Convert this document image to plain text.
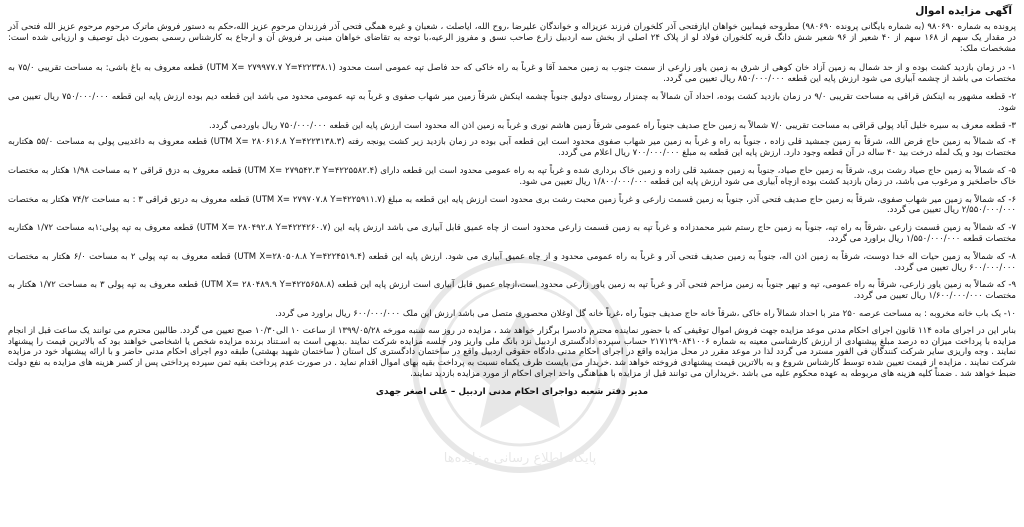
آگهی مزایده اموال

پرونده به شماره ۹۸۰۶۹۰ (به شماره بایگانی پرونده ۹۸۰۶۹۰) مطروحه فیمابین خواهان ایازفتحی آذر کلخوران فرزند عزیزاله و خواندگان علیرضا ،روح الله، ایاصلت ، شعبان و غیره همگی فتحی آذر فرزندان مرحوم عزیز الله،حکم به دستور فروش ماترک مرحوم مرحوم عزیز الله فتحی آذر در مقدار یک سهم از ۱۶۸ سهم از ۴۰ شعیر از ۹۶ شعیر شش دانگ قریه کلخوران فولاد لو از پلاک ۲۴ اصلی از بخش سه اردبیل زارع صاحب نسق و مفروز الرعیه،با توجه به تقاضای خواهان مبنی بر فروش آن و ارجاع به کارشناس رسمی بصورت ذیل توصیف و ارزیابی شده است: مشخصات ملک:

۱- در زمان بازدید کشت بوده و از حد شمال به زمین آزاد خان کوهی از شرق به زمین یاور زارعی از سمت جنوب به زمین محمد آقا و غرباً به راه خاکی که حد فاصل تپه عمومی است محدود (UTM X= ۲۷۹۹۷۷.۷ Y=۴۲۲۳۳۸.۱) قطعه معروف به باغ باشی: به مساحت تقریبی ۷۵/۰ به مختصات می باشد از چشمه آبیاری می شود ارزش پایه این قطعه ۸۵۰/۰۰۰/۰۰۰ ریال تعیین می گردد.

۲- قطعه مشهور به اینکش قراقی به مساحت تقریبی ۹/۰ در زمان بازدید کشت بوده، احداد آن شمالاً به چمنزار روستای دولیق جنوباً چشمه اینکش شرقاً زمین میر شهاب صفوی و غرباً به تپه عمومی محدود می باشد این قطعه دیم بوده ارزش پایه این قطعه ۷۵۰/۰۰۰/۰۰۰ ریال تعیین می شود.

۳- قطعه معرف به سیره خلیل آباد پولی قراقی به مساحت تقریبی ۷/۰ شمالاً به زمین حاج صدیف جنوباً راه عمومی شرقاً زمین هاشم نوری و غرباً به زمین اذن اله محدود است ارزش پایه این قطعه ۷۵۰/۰۰۰/۰۰۰ ریال باوردمی گردد.

۴- که شمالاً به زمین حاج فرض الله، شرقاً به زمین جمشید قلی زاده ، جنوباً به راه و غرباً به زمین میر شهاب صفوی محدود است این قطعه آبی بوده در زمان بازدید زیر کشت یونجه رفته (UTM X= ۲۸۰۶۱۶.۸ Y=۴۲۲۳۱۳۸.۳) قطعه معروف به داغدیبی پولی به مساحت ۵۵/۰ هکتاربه مختصات بود و یک لمله درخت بید ۴۰ ساله در آن قطعه وجود دارد. ارزش پایه این قطعه به مبلغ ۷۰۰/۰۰۰/۰۰۰ ریال اعلام می گردد.

۵- که شمالاً به زمین حاج صیاد رشت بری، شرقاً به زمین حاج صیاد، جنوباً به زمین جمشید قلی زاده و زمین خاک برداری شده و غرباً تپه به راه عمومی محدود است این قطعه دارای (UTM X= ۲۷۹۵۴۲.۳ Y=۴۲۲۵۵۸۲.۴) قطعه معروف به دزق قراقی ۲ به مساحت ۱/۹۸ هکتار به مختصات خاک حاصلخیز و مرغوب می باشد، در زمان بازدید کشت بوده ازچاه آبیاری می شود ارزش پایه این قطعه ۱/۸۰۰/۰۰۰/۰۰۰ ریال تعیین می شود.

۶- که شمالاً به زمین میر شهاب صفوی، شرقاً به زمین حاج صدیف فتحی آذر، جنوباً به زمین قسمت زارعی و غرباً زمین محبت رشت بری محدود است ارزش پایه این قطعه به مبلغ (UTM X= ۲۷۹۷۰۷.۸ Y=۴۲۲۵۹۱۱.۷) قطعه معروف به درتق قراقی ۳ : به مساحت ۷۴/۲ هکتار به مختصات ۲/۵۵۰/۰۰۰/۰۰۰ ریال تعیین می گردد.

۷- که شمالاً به زمین قسمت زارعی ،شرقاً به راه تپه، جنوباً به زمین حاج رستم شیر محمدزاده و غرباً تپه به زمین قسمت زارعی محدود است از چاه عمیق قابل آبیاری می باشد ارزش پایه این (UTM X= ۲۸۰۴۹۲.۸ Y=۴۲۲۴۲۶۰.۷) قطعه معروف به تپه پولی:۱به مساحت ۱/۷۲ هکتاربه مختصات قطعه ۱/۵۵۰/۰۰۰/۰۰۰ ریال براورد می گردد.

۸- که شمالاً به زمین حیات اله خدا دوست، شرقاً به زمین اذن اله، جنوباً به زمین صدیف فتحی آذر و غرباً به راه عمومی محدود و از چاه عمیق آبیاری می شود. ارزش پایه این قطعه (UTM X=۲۸۰۵۰۸.۸ Y=۴۲۲۴۵۱۹.۴) قطعه معروف به تپه پولی ۲ به مساحت ۶/۰ هکتار به مختصات ۶۰۰/۰۰۰/۰۰۰ ریال تعیین می گردد.

۹- که شمالاً به زمین یاور زارعی، شرقاً به راه عمومی، تپه و تپهر جنوباً به زمین مزاحم فتحی آذر و غرباً تپه به زمین یاور زارعی محدود است،ازچاه عمیق قابل آبیاری است ارزش پایه این قطعه (UTM X= ۲۸۰۴۸۹.۹ Y=۴۲۲۵۶۵۸.۸) قطعه معروف به تپه پولی ۳ به مساحت ۱/۷۲ هکتار به مختصات ۱/۶۰۰/۰۰۰/۰۰۰ ریال تعیین می گردد.

۱۰- یک باب خانه مخروبه : به مساحت عرصه ۲۵۰ متر با احداد شمالاً راه خاکی ،شرقاً خانه حاج صدیف جنوباً راه ،غرباً خانه گل اوغلان محصوری متصل می باشد ارزش این ملک ۶۰۰/۰۰۰/۰۰۰ ریال براورد می گردد.

بنابر این در اجرای ماده ۱۱۴ قانون اجرای احکام مدنی موعد مزایده جهت فروش اموال توقیفی که با حضور نماینده محترم دادسرا برگزار خواهد شد ، مزایده در روز سه شنبه مورخه ۱۳۹۹/۰۵/۲۸ از ساعت ۱۰ الی۱۰/۳۰ صبح تعیین می گردد. طالبین محترم می توانند یک ساعت قبل از انجام مزایده با پرداخت میزان ده درصد مبلغ پیشنهادی از ارزش کارشناسی معینه به شماره ۲۱۷۱۲۹۰۸۴۱۰۰۶ حساب سپرده دادگستری اردبیل نزد بانک ملی واریز ودر جلسه مزایده شرکت نمایند .بدیهی است به اسـتناد برنده مزایده شخص یا اشخاصی خواهند بود که بالاترین قیمت را پیشنهاد نمایند . وجه واریزی سایر شرکت کنندگان فی الفور مسترد می گردد لذا در موعد مقرر در محل مزایده واقع در اجرای احکام مدنی دادگاه حقوقی اردبیل واقع در ساختمان دادگستری کل استان ( ساختمان شهید بهشتی) طبقه دوم اجرای احکام مدنی حاضر و با ارائه پیشنهاد خود در مزایده شرکت نمایند . مزایده از قیمت تعیین شده توسط کارشناس شروع و به بالاترین قیمت پیشنهادی فروخته خواهد شد .خریدار می بایست ظرف یکماه نسبت به پرداخت بقیه بهای اموال اقدام نماید . در صورت عدم پرداخت بقیه ثمن سپرده پرداختی پس از کسر هزینه های مزایده به نفع دولت ضبط خواهد شد . ضمناً کلیه هزینه های مربوطه به عهده محکوم علیه می باشد .خریداران می توانند قبل از مزایده با هماهنگی واحد اجرای احکام از مورد مزایده بازدید نمایند.

مدیر دفتر شعبه دواجرای احکام مدنی اردبیل – علی اصغر جهدی
پایگاه اطلاع رسانی مزایده‌ها
